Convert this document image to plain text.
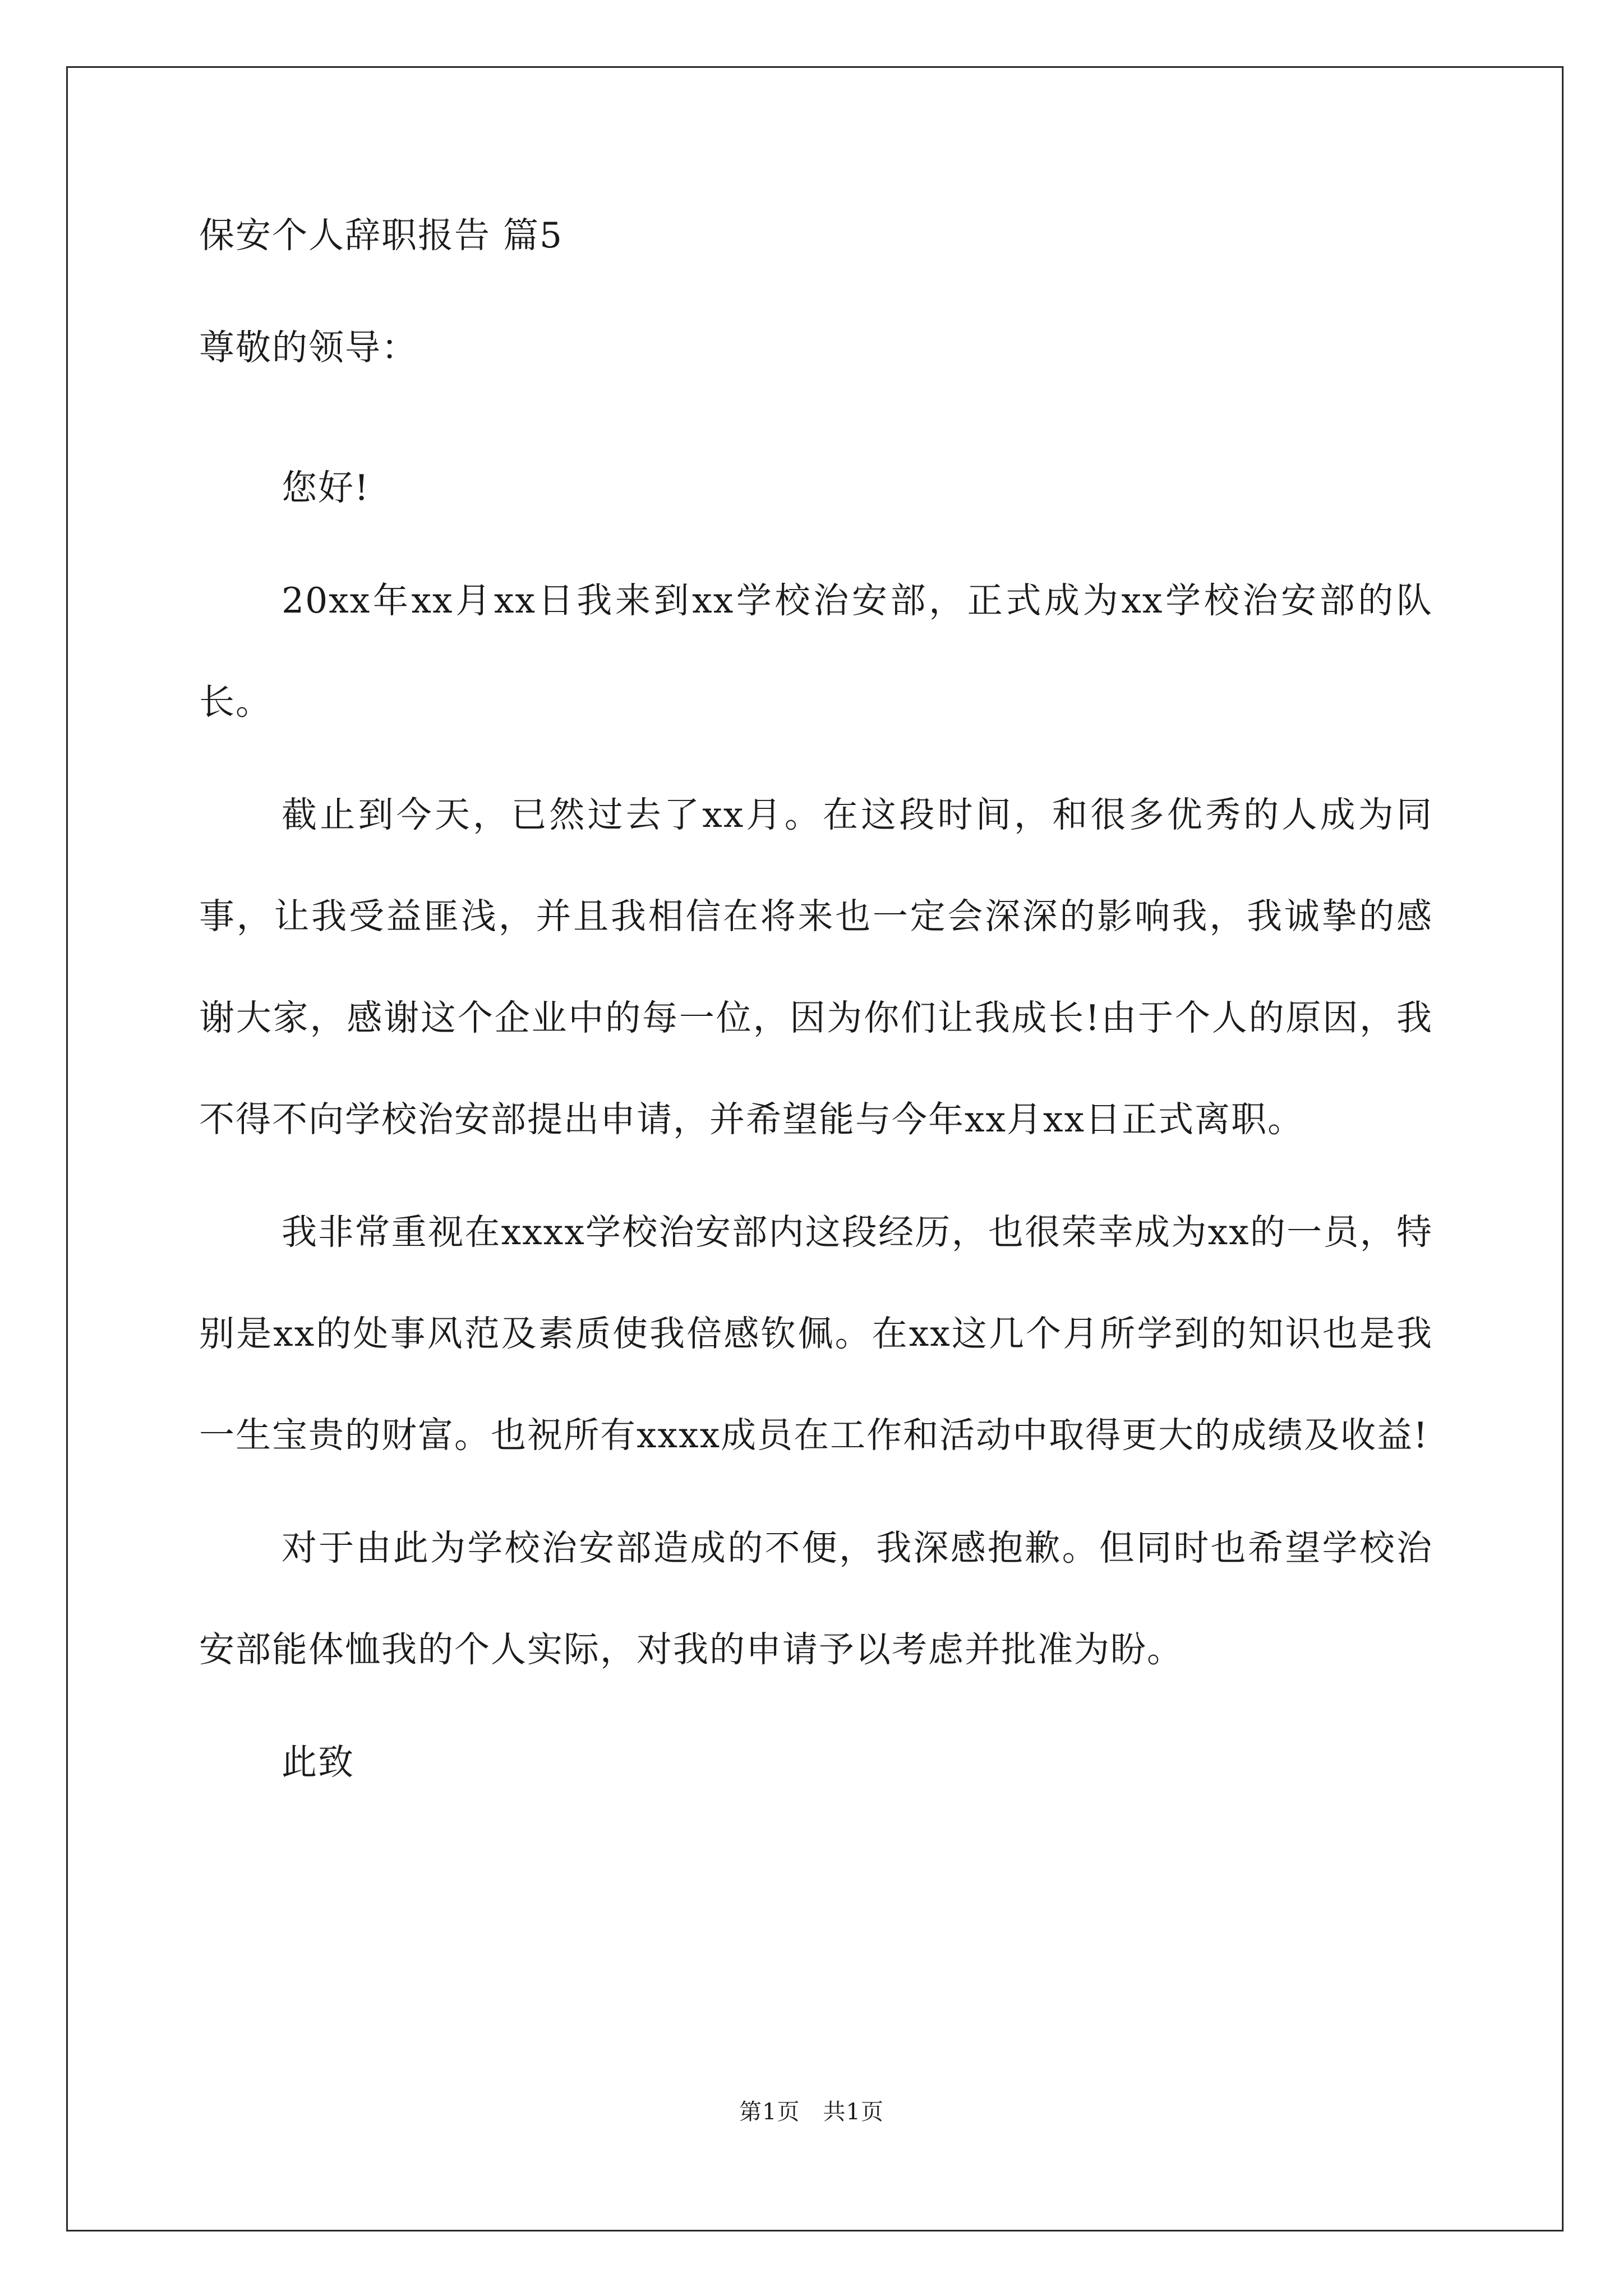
保安个人辞职报告 篇5
尊敬的领导：

您好!

20xx年xx月xx日我来到xx学校治安部，正式成为xx学校治安部的队长。

截止到今天，已然过去了xx月。在这段时间，和很多优秀的人成为同事，让我受益匪浅，并且我相信在将来也一定会深深的影响我，我诚挚的感谢大家，感谢这个企业中的每一位，因为你们让我成长!由于个人的原因，我不得不向学校治安部提出申请，并希望能与今年xx月xx日正式离职。

我非常重视在xxxx学校治安部内这段经历，也很荣幸成为xx的一员，特别是xx的处事风范及素质使我倍感钦佩。在xx这几个月所学到的知识也是我一生宝贵的财富。也祝所有xxxx成员在工作和活动中取得更大的成绩及收益!

对于由此为学校治安部造成的不便，我深感抱歉。但同时也希望学校治安部能体恤我的个人实际，对我的申请予以考虑并批准为盼。

此致

第1页　共1页
